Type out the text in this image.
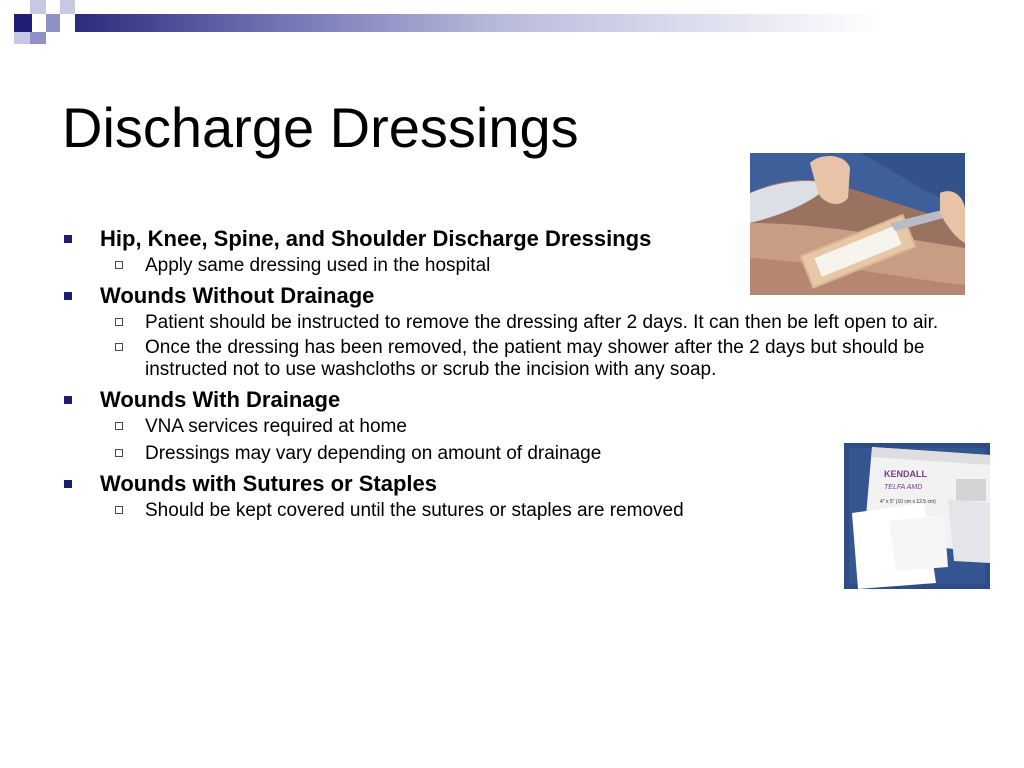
Discharge Dressings
Hip, Knee, Spine, and Shoulder Discharge Dressings
Apply same dressing used in the hospital
Wounds Without Drainage
Patient should be instructed to remove the dressing after 2 days. It can then be left open to air.
Once the dressing has been removed, the patient may shower after the 2 days but should be instructed not to use washcloths or scrub the incision with any soap.
Wounds With Drainage
VNA services required at home
Dressings may vary depending on amount of drainage
Wounds with Sutures or Staples
Should be kept covered until the sutures or staples are removed
KENDALL
TELFA AMD
4" x 5" (10 cm x 12.5 cm)
